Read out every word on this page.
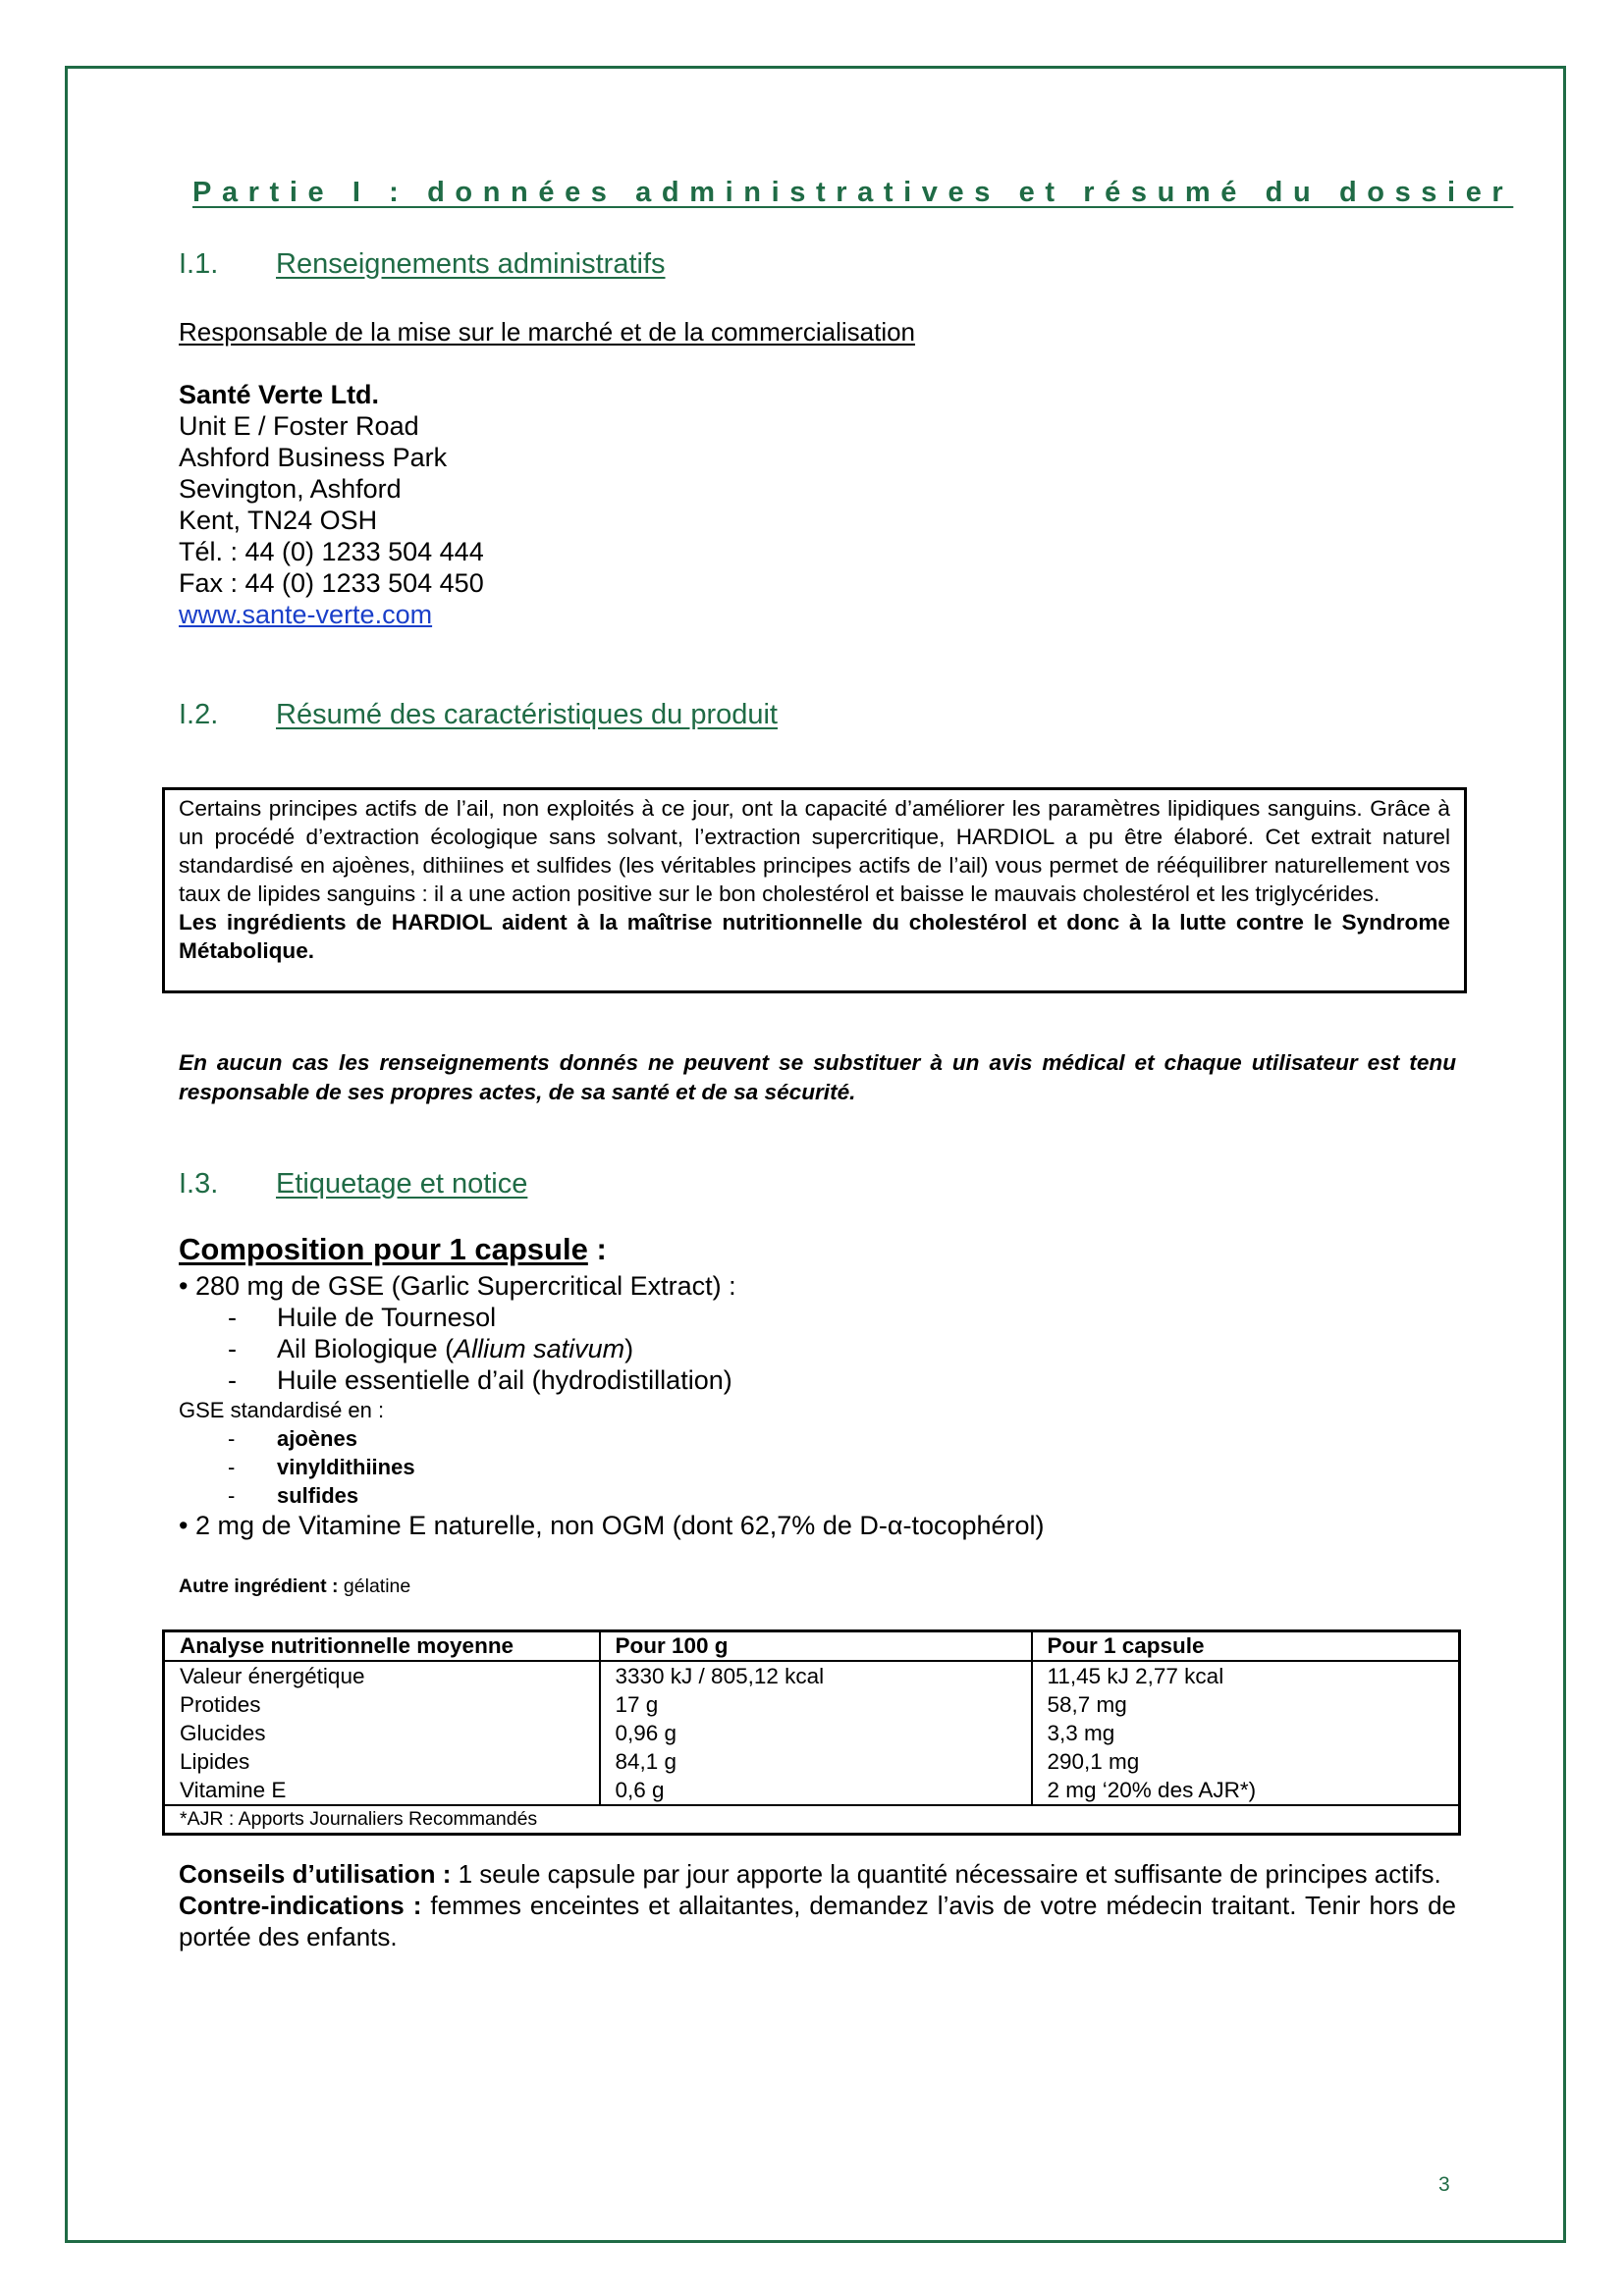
Partie I : données administratives et résumé du dossier
I.1. Renseignements administratifs
Responsable de la mise sur le marché et de la commercialisation
Santé Verte Ltd.
Unit E / Foster Road
Ashford Business Park
Sevington, Ashford
Kent, TN24 OSH
Tél. : 44 (0) 1233 504 444
Fax : 44 (0) 1233 504 450
www.sante-verte.com
I.2. Résumé des caractéristiques du produit

Certains principes actifs de l’ail, non exploités à ce jour, ont la capacité d’améliorer les paramètres lipidiques sanguins. Grâce à un procédé d’extraction écologique sans solvant, l’extraction supercritique, HARDIOL a pu être élaboré. Cet extrait naturel standardisé en ajoènes, dithiines et sulfides (les véritables principes actifs de l’ail) vous permet de rééquilibrer naturellement vos taux de lipides sanguins : il a une action positive sur le bon cholestérol et baisse le mauvais cholestérol et les triglycérides.

Les ingrédients de HARDIOL aident à la maîtrise nutritionnelle du cholestérol et donc à la lutte contre le Syndrome Métabolique.

En aucun cas les renseignements donnés ne peuvent se substituer à un avis médical et chaque utilisateur est tenu responsable de ses propres actes, de sa santé et de sa sécurité.

I.3. Etiquetage et notice
Composition pour 1 capsule :
• 280 mg de GSE (Garlic Supercritical Extract) :
- Huile de Tournesol
- Ail Biologique (Allium sativum)
- Huile essentielle d’ail (hydrodistillation)
GSE standardisé en :
- ajoènes
- vinyldithiines
- sulfides
• 2 mg de Vitamine E naturelle, non OGM (dont 62,7% de D-α-tocophérol)
Autre ingrédient : gélatine
Analyse nutritionnelle moyenne	Pour 100 g	Pour 1 capsule
Valeur énergétique	3330 kJ / 805,12 kcal	11,45 kJ 2,77 kcal
Protides	17 g	58,7 mg
Glucides	0,96 g	3,3 mg
Lipides	84,1 g	290,1 mg
Vitamine E	0,6 g	2 mg ‘20% des AJR*)
*AJR : Apports Journaliers Recommandés		
Conseils d’utilisation : 1 seule capsule par jour apporte la quantité nécessaire et suffisante de principes actifs.
Contre-indications : femmes enceintes et allaitantes, demandez l’avis de votre médecin traitant. Tenir hors de portée des enfants.
3
